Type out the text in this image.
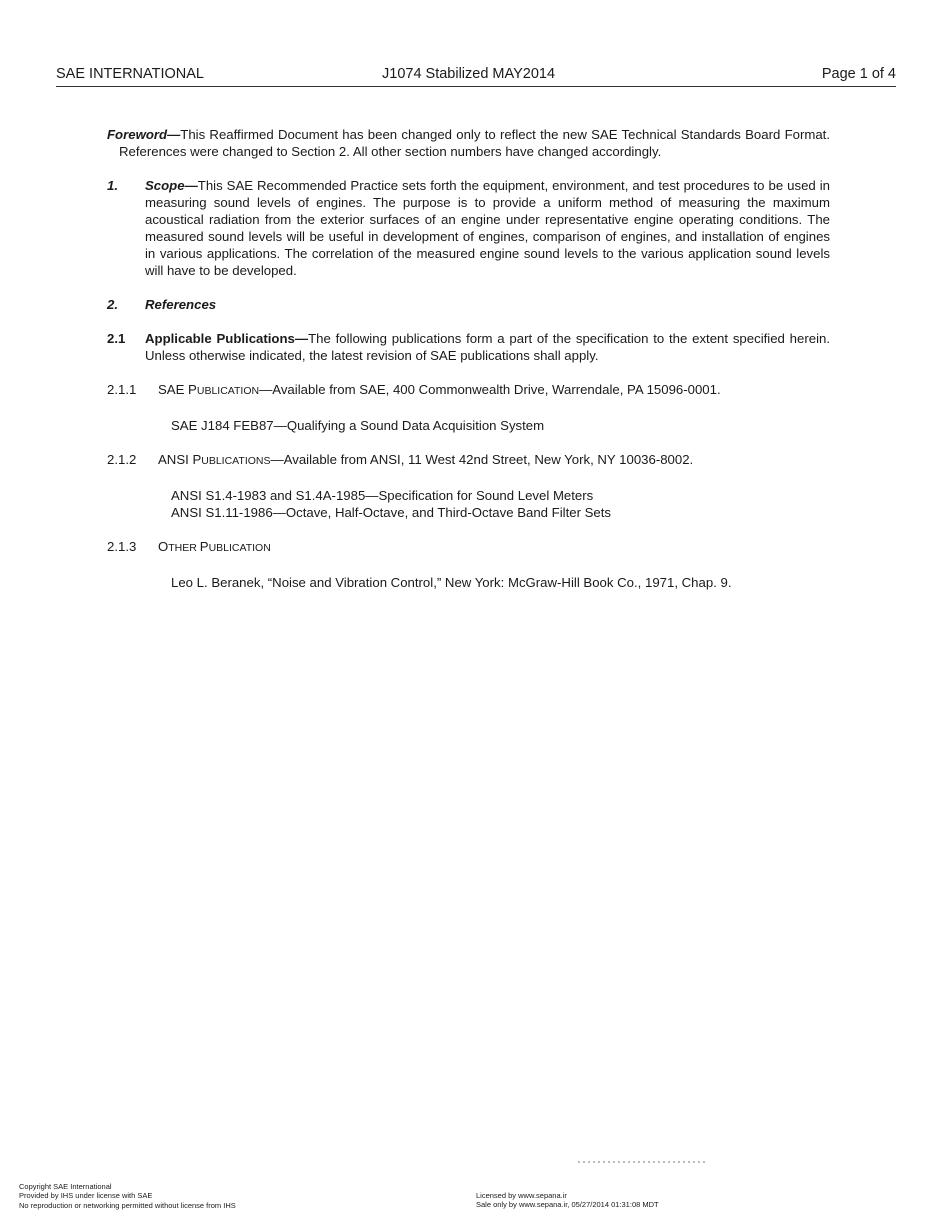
SAE INTERNATIONAL	J1074 Stabilized MAY2014	Page 1 of 4
Foreword—This Reaffirmed Document has been changed only to reflect the new SAE Technical Standards Board Format. References were changed to Section 2. All other section numbers have changed accordingly.
1. Scope—This SAE Recommended Practice sets forth the equipment, environment, and test procedures to be used in measuring sound levels of engines. The purpose is to provide a uniform method of measuring the maximum acoustical radiation from the exterior surfaces of an engine under representative engine operating conditions. The measured sound levels will be useful in development of engines, comparison of engines, and installation of engines in various applications. The correlation of the measured engine sound levels to the various application sound levels will have to be developed.
2. References
2.1 Applicable Publications—The following publications form a part of the specification to the extent specified herein. Unless otherwise indicated, the latest revision of SAE publications shall apply.
2.1.1 SAE PUBLICATION—Available from SAE, 400 Commonwealth Drive, Warrendale, PA 15096-0001.
SAE J184 FEB87—Qualifying a Sound Data Acquisition System
2.1.2 ANSI PUBLICATIONS—Available from ANSI, 11 West 42nd Street, New York, NY 10036-8002.
ANSI S1.4-1983 and S1.4A-1985—Specification for Sound Level Meters
ANSI S1.11-1986—Octave, Half-Octave, and Third-Octave Band Filter Sets
2.1.3 OTHER PUBLICATION
Leo L. Beranek, “Noise and Vibration Control,” New York: McGraw-Hill Book Co., 1971, Chap. 9.
Copyright SAE International
Provided by IHS under license with SAE
No reproduction or networking permitted without license from IHS
Licensed by www.sepana.ir
Sale only by www.sepana.ir, 05/27/2014 01:31:08 MDT
